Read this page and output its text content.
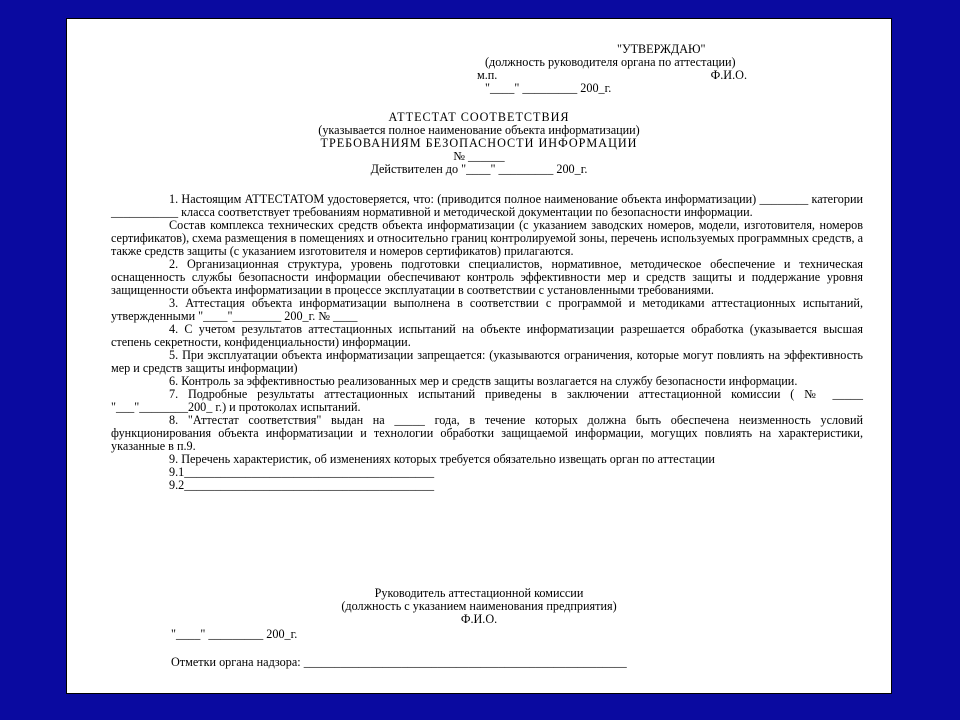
"УТВЕРЖДАЮ"
(должность руководителя органа по аттестации)
м.п.	Ф.И.О.
"____" _________ 200_г.
АТТЕСТАТ СООТВЕТСТВИЯ
(указывается полное наименование объекта информатизации)
ТРЕБОВАНИЯМ БЕЗОПАСНОСТИ ИНФОРМАЦИИ
№ ______
Действителен до "____" _________ 200_г.

1. Настоящим АТТЕСТАТОМ удостоверяется, что: (приводится полное наименование объекта информатизации) ________ категории ___________ класса соответствует требованиям нормативной и методической документации по безопасности информации.

Состав комплекса технических средств объекта информатизации (с указанием заводских номеров, модели, изготовителя, номеров сертификатов), схема размещения в помещениях и относительно границ контролируемой зоны, перечень используемых программных средств, а также средств защиты (с указанием изготовителя и номеров сертификатов) прилагаются.

2. Организационная структура, уровень подготовки специалистов, нормативное, методическое обеспечение и техническая оснащенность службы безопасности информации обеспечивают контроль эффективности мер и средств защиты и поддержание уровня защищенности объекта информатизации в процессе эксплуатации в соответствии с установленными требованиями.

3. Аттестация объекта информатизации выполнена в соответствии с программой и методиками аттестационных испытаний, утвержденными "____"________ 200_г. № ____

4. С учетом результатов аттестационных испытаний на объекте информатизации разрешается обработка (указывается высшая степень секретности, конфиденциальности) информации.

5. При эксплуатации объекта информатизации запрещается: (указываются ограничения, которые могут повлиять на эффективность мер и средств защиты информации)

6. Контроль за эффективностью реализованных мер и средств защиты возлагается на службу безопасности информации.

7. Подробные результаты аттестационных испытаний приведены в заключении аттестационной комиссии ( № _____ "___"________200_ г.) и протоколах испытаний.

8. "Аттестат соответствия" выдан на _____ года, в течение которых должна быть обеспечена неизменность условий функционирования объекта информатизации и технологии обработки защищаемой информации, могущих повлиять на характеристики, указанные в п.9.

9. Перечень характеристик, об изменениях которых требуется обязательно извещать орган по аттестации

9.1_________________________________________

9.2_________________________________________

Руководитель аттестационной комиссии
(должность с указанием наименования предприятия)
Ф.И.О.
"____" _________ 200_г.
Отметки органа надзора: _____________________________________________________
